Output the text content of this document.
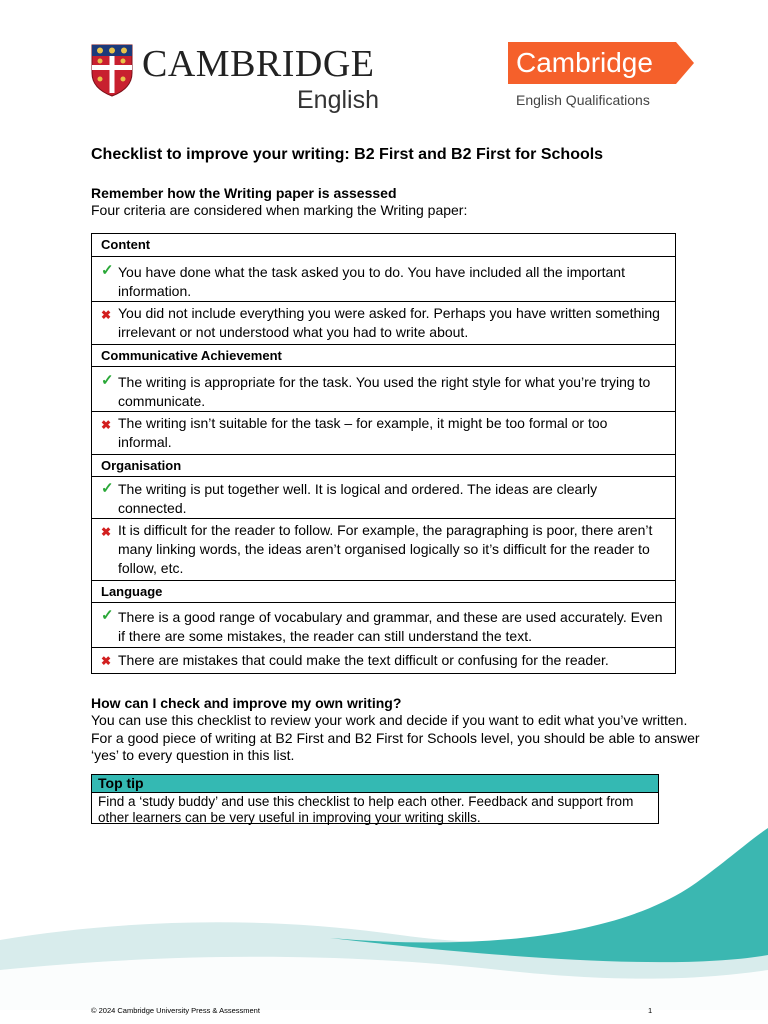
CAMBRIDGE
English
Cambridge
English Qualifications
Checklist to improve your writing: B2 First and B2 First for Schools
Remember how the Writing paper is assessed
Four criteria are considered when marking the Writing paper:
Content
✓ You have done what the task asked you to do. You have included all the important information.
✖ You did not include everything you were asked for. Perhaps you have written something irrelevant or not understood what you had to write about.
Communicative Achievement
✓ The writing is appropriate for the task. You used the right style for what you’re trying to communicate.
✖ The writing isn’t suitable for the task – for example, it might be too formal or too informal.
Organisation
✓ The writing is put together well. It is logical and ordered. The ideas are clearly connected.
✖ It is difficult for the reader to follow. For example, the paragraphing is poor, there aren’t many linking words, the ideas aren’t organised logically so it’s difficult for the reader to follow, etc.
Language
✓ There is a good range of vocabulary and grammar, and these are used accurately. Even if there are some mistakes, the reader can still understand the text.
✖ There are mistakes that could make the text difficult or confusing for the reader.
How can I check and improve my own writing?
You can use this checklist to review your work and decide if you want to edit what you’ve written. For a good piece of writing at B2 First and B2 First for Schools level, you should be able to answer ‘yes’ to every question in this list.
Top tip
Find a ‘study buddy’ and use this checklist to help each other. Feedback and support from other learners can be very useful in improving your writing skills.
© 2024 Cambridge University Press & Assessment	1
